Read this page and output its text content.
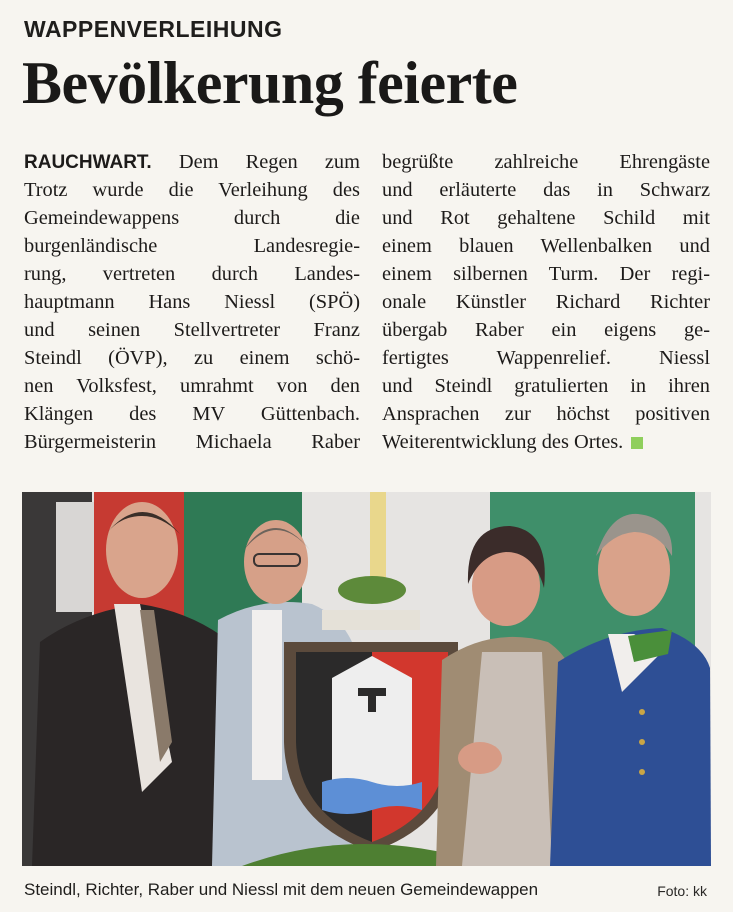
WAPPENVERLEIHUNG
Bevölkerung feierte
RAUCHWART. Dem Regen zum
Trotz wurde die Verleihung des
Gemeindewappens durch die
burgenländische Landesregie-
rung, vertreten durch Landes-
hauptmann Hans Niessl (SPÖ)
und seinen Stellvertreter Franz
Steindl (ÖVP), zu einem schö-
nen Volksfest, umrahmt von den
Klängen des MV Güttenbach.
Bürgermeisterin Michaela Raber
begrüßte zahlreiche Ehrengäste
und erläuterte das in Schwarz
und Rot gehaltene Schild mit
einem blauen Wellenbalken und
einem silbernen Turm. Der regi-
onale Künstler Richard Richter
übergab Raber ein eigens ge-
fertigtes Wappenrelief. Niessl
und Steindl gratulierten in ihren
Ansprachen zur höchst positiven
Weiterentwicklung des Ortes.
Steindl, Richter, Raber und Niessl mit dem neuen Gemeindewappen	Foto: kk
